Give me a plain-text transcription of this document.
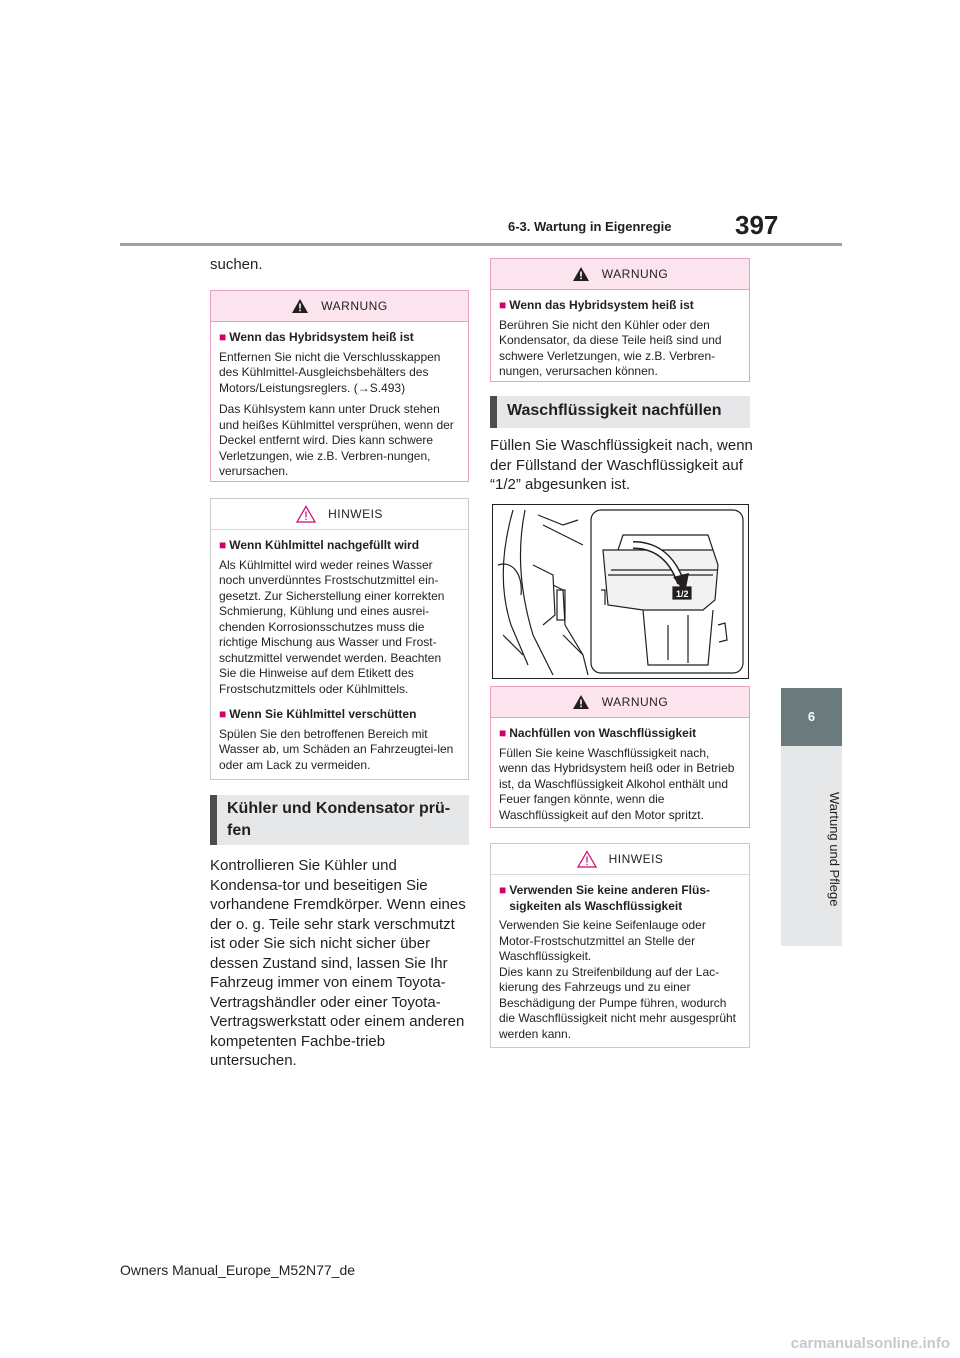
6-3. Wartung in Eigenregie 397
6
Wartung und Pflege
suchen.
WARNUNG
■ Wenn das Hybridsystem heiß ist

Entfernen Sie nicht die Verschlusskappen des Kühlmittel-Ausgleichsbehälters des Motors/Leistungsreglers. (→S.493)

Das Kühlsystem kann unter Druck stehen und heißes Kühlmittel versprühen, wenn der Deckel entfernt wird. Dies kann schwere Verletzungen, wie z.B. Verbren-nungen, verursachen.

HINWEIS
■ Wenn Kühlmittel nachgefüllt wird

Als Kühlmittel wird weder reines Wasser noch unverdünntes Frostschutzmittel ein-gesetzt. Zur Sicherstellung einer korrekten Schmierung, Kühlung und eines ausrei-chenden Korrosionsschutzes muss die richtige Mischung aus Wasser und Frost-schutzmittel verwendet werden. Beachten Sie die Hinweise auf dem Etikett des Frostschutzmittels oder Kühlmittels.

■ Wenn Sie Kühlmittel verschütten

Spülen Sie den betroffenen Bereich mit Wasser ab, um Schäden an Fahrzeugtei-len oder am Lack zu vermeiden.

Kühler und Kondensator prü-fen
Kontrollieren Sie Kühler und Kondensa-tor und beseitigen Sie vorhandene Fremdkörper. Wenn eines der o. g. Teile sehr stark verschmutzt ist oder Sie sich nicht sicher über dessen Zustand sind, lassen Sie Ihr Fahrzeug immer von einem Toyota-Vertragshändler oder einer Toyota-Vertragswerkstatt oder einem anderen kompetenten Fachbe-trieb untersuchen.
WARNUNG
■ Wenn das Hybridsystem heiß ist

Berühren Sie nicht den Kühler oder den Kondensator, da diese Teile heiß sind und schwere Verletzungen, wie z.B. Verbren-nungen, verursachen können.

Waschflüssigkeit nachfüllen
Füllen Sie Waschflüssigkeit nach, wenn der Füllstand der Waschflüssigkeit auf “1/2” abgesunken ist.
1/2
WARNUNG
■ Nachfüllen von Waschflüssigkeit

Füllen Sie keine Waschflüssigkeit nach, wenn das Hybridsystem heiß oder in Betrieb ist, da Waschflüssigkeit Alkohol enthält und Feuer fangen könnte, wenn die Waschflüssigkeit auf den Motor spritzt.

HINWEIS
■ Verwenden Sie keine anderen Flüs-sigkeiten als Waschflüssigkeit

Verwenden Sie keine Seifenlauge oder Motor-Frostschutzmittel an Stelle der Waschflüssigkeit.

Dies kann zu Streifenbildung auf der Lac-kierung des Fahrzeugs und zu einer Beschädigung der Pumpe führen, wodurch die Waschflüssigkeit nicht mehr ausgesprüht werden kann.

Owners Manual_Europe_M52N77_de
carmanualsonline.info
